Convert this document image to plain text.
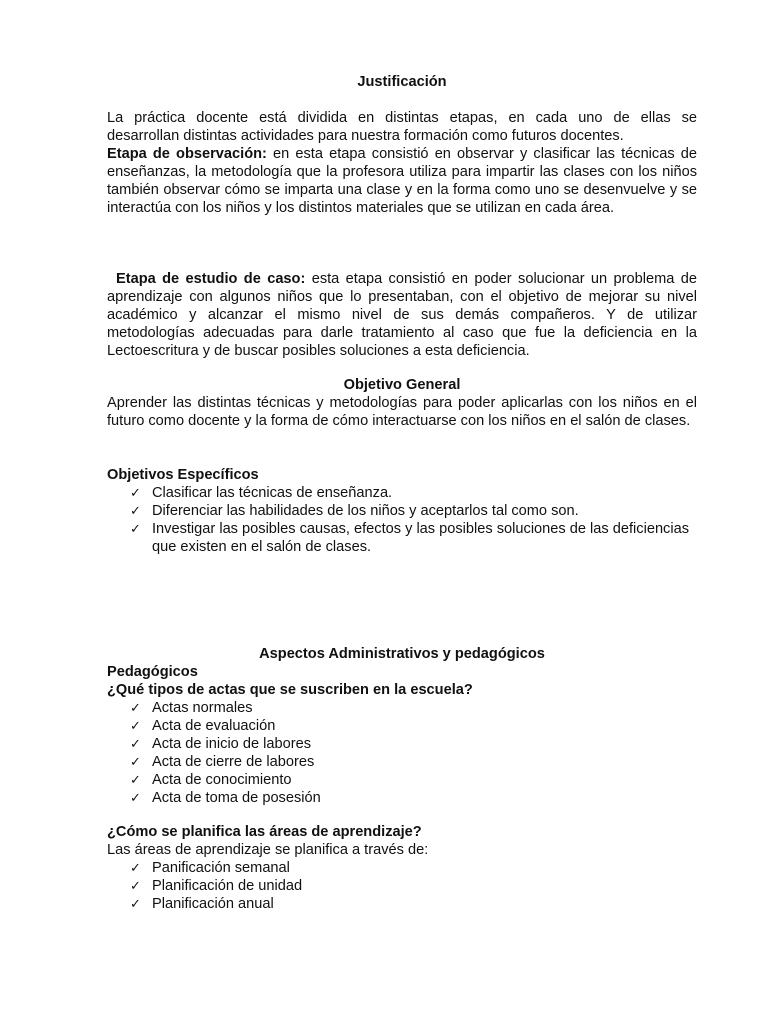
Justificación
La práctica docente está dividida en distintas etapas, en cada uno de ellas se
desarrollan distintas actividades para nuestra formación como futuros docentes.
Etapa de observación: en esta etapa consistió en observar y clasificar las técnicas de enseñanzas, la metodología que la profesora utiliza para impartir las clases con los niños también observar cómo se imparta una clase y en la forma como uno se desenvuelve y se interactúa con los niños y los distintos materiales que se utilizan en cada área.
Etapa de estudio de caso: esta etapa consistió en poder solucionar un problema de aprendizaje con algunos niños que lo presentaban, con el objetivo de mejorar su nivel académico y alcanzar el mismo nivel de sus demás compañeros. Y de utilizar metodologías adecuadas para darle tratamiento al caso que fue la deficiencia en la Lectoescritura y de buscar posibles soluciones a esta deficiencia.
Objetivo General
Aprender las distintas técnicas y metodologías para poder aplicarlas con los niños en el futuro como docente y la forma de cómo interactuarse con los niños en el salón de clases.
Objetivos Específicos
✓ Clasificar las técnicas de enseñanza.
✓ Diferenciar las habilidades de los niños y aceptarlos tal como son.
✓ Investigar las posibles causas, efectos y las posibles soluciones de las deficiencias que existen en el salón de clases.
Aspectos Administrativos y pedagógicos
Pedagógicos
¿Qué tipos de actas que se suscriben en la escuela?
✓ Actas normales
✓ Acta de evaluación
✓ Acta de inicio de labores
✓ Acta de cierre de labores
✓ Acta de conocimiento
✓ Acta de toma de posesión
¿Cómo se planifica las áreas de aprendizaje?
Las áreas de aprendizaje se planifica a través de:
✓ Panificación semanal
✓ Planificación de unidad
✓ Planificación anual
